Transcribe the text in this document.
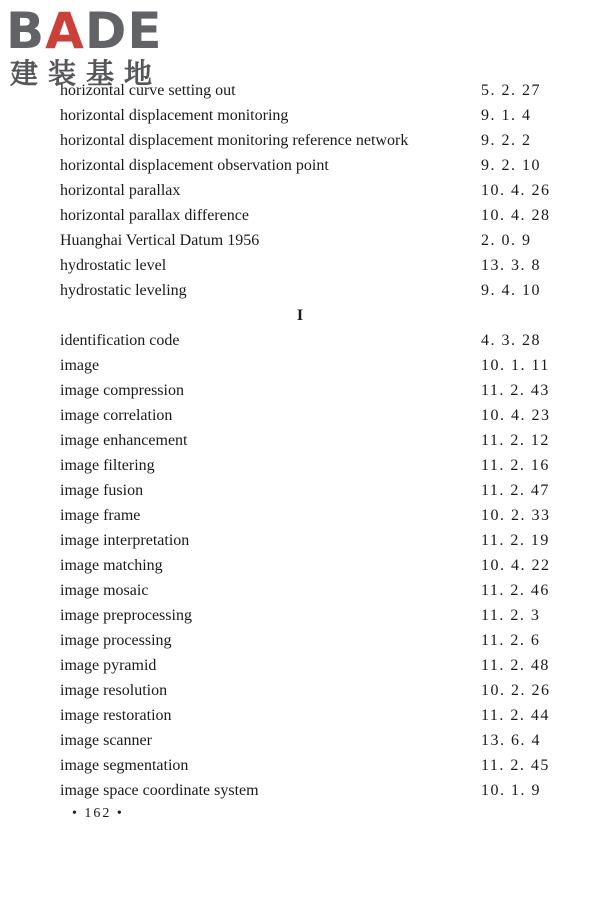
BADE
建装基地
horizontal curve setting out	5. 2. 27
horizontal displacement monitoring	9. 1. 4
horizontal displacement monitoring reference network	9. 2. 2
horizontal displacement observation point	9. 2. 10
horizontal parallax	10. 4. 26
horizontal parallax difference	10. 4. 28
Huanghai Vertical Datum 1956	2. 0. 9
hydrostatic level	13. 3. 8
hydrostatic leveling	9. 4. 10
I
identification code	4. 3. 28
image	10. 1. 11
image compression	11. 2. 43
image correlation	10. 4. 23
image enhancement	11. 2. 12
image filtering	11. 2. 16
image fusion	11. 2. 47
image frame	10. 2. 33
image interpretation	11. 2. 19
image matching	10. 4. 22
image mosaic	11. 2. 46
image preprocessing	11. 2. 3
image processing	11. 2. 6
image pyramid	11. 2. 48
image resolution	10. 2. 26
image restoration	11. 2. 44
image scanner	13. 6. 4
image segmentation	11. 2. 45
image space coordinate system	10. 1. 9
• 162 •
